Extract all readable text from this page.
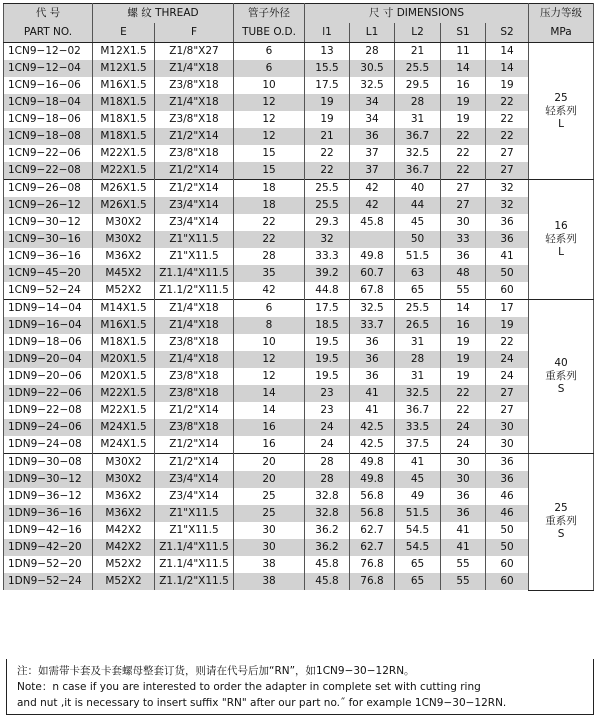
代 号	螺 纹 THREAD		管子外径	尺 寸 DIMENSIONS					压力等级
PART NO.	E	F	TUBE O.D.	l1	L1	L2	S1	S2	MPa
1CN9−12−02	M12X1.5	Z1/8"X27	6	13	28	21	11	14	25
轻系列
L

1CN9−12−04	M12X1.5	Z1/4"X18	6	15.5	30.5	25.5	14	14	
1CN9−16−06	M16X1.5	Z3/8"X18	10	17.5	32.5	29.5	16	19	
1CN9−18−04	M18X1.5	Z1/4"X18	12	19	34	28	19	22	
1CN9−18−06	M18X1.5	Z3/8"X18	12	19	34	31	19	22	
1CN9−18−08	M18X1.5	Z1/2"X14	12	21	36	36.7	22	22	
1CN9−22−06	M22X1.5	Z3/8"X18	15	22	37	32.5	22	27	
1CN9−22−08	M22X1.5	Z1/2"X14	15	22	37	36.7	22	27	
1CN9−26−08	M26X1.5	Z1/2"X14	18	25.5	42	40	27	32	16
轻系列
L

1CN9−26−12	M26X1.5	Z3/4"X14	18	25.5	42	44	27	32	
1CN9−30−12	M30X2	Z3/4"X14	22	29.3	45.8	45	30	36	
1CN9−30−16	M30X2	Z1"X11.5	22	32		50	33	36	
1CN9−36−16	M36X2	Z1"X11.5	28	33.3	49.8	51.5	36	41	
1CN9−45−20	M45X2	Z1.1/4"X11.5	35	39.2	60.7	63	48	50	
1CN9−52−24	M52X2	Z1.1/2"X11.5	42	44.8	67.8	65	55	60	
1DN9−14−04	M14X1.5	Z1/4"X18	6	17.5	32.5	25.5	14	17	40
重系列
S

1DN9−16−04	M16X1.5	Z1/4"X18	8	18.5	33.7	26.5	16	19	
1DN9−18−06	M18X1.5	Z3/8"X18	10	19.5	36	31	19	22	
1DN9−20−04	M20X1.5	Z1/4"X18	12	19.5	36	28	19	24	
1DN9−20−06	M20X1.5	Z3/8"X18	12	19.5	36	31	19	24	
1DN9−22−06	M22X1.5	Z3/8"X18	14	23	41	32.5	22	27	
1DN9−22−08	M22X1.5	Z1/2"X14	14	23	41	36.7	22	27	
1DN9−24−06	M24X1.5	Z3/8"X18	16	24	42.5	33.5	24	30	
1DN9−24−08	M24X1.5	Z1/2"X14	16	24	42.5	37.5	24	30	
1DN9−30−08	M30X2	Z1/2"X14	20	28	49.8	41	30	36	25
重系列
S

1DN9−30−12	M30X2	Z3/4"X14	20	28	49.8	45	30	36	
1DN9−36−12	M36X2	Z3/4"X14	25	32.8	56.8	49	36	46	
1DN9−36−16	M36X2	Z1"X11.5	25	32.8	56.8	51.5	36	46	
1DN9−42−16	M42X2	Z1"X11.5	30	36.2	62.7	54.5	41	50	
1DN9−42−20	M42X2	Z1.1/4"X11.5	30	36.2	62.7	54.5	41	50	
1DN9−52−20	M52X2	Z1.1/4"X11.5	38	45.8	76.8	65	55	60	
1DN9−52−24	M52X2	Z1.1/2"X11.5	38	45.8	76.8	65	55	60	
注：如需带卡套及卡套螺母整套订货，则请在代号后加“RN”，如1CN9−30−12RN。
Note：n case if you are interested to order the adapter in complete set with cutting ring
and nut ,it is necessary to insert suffix "RN" after our part no.˝ for example 1CN9−30−12RN.
